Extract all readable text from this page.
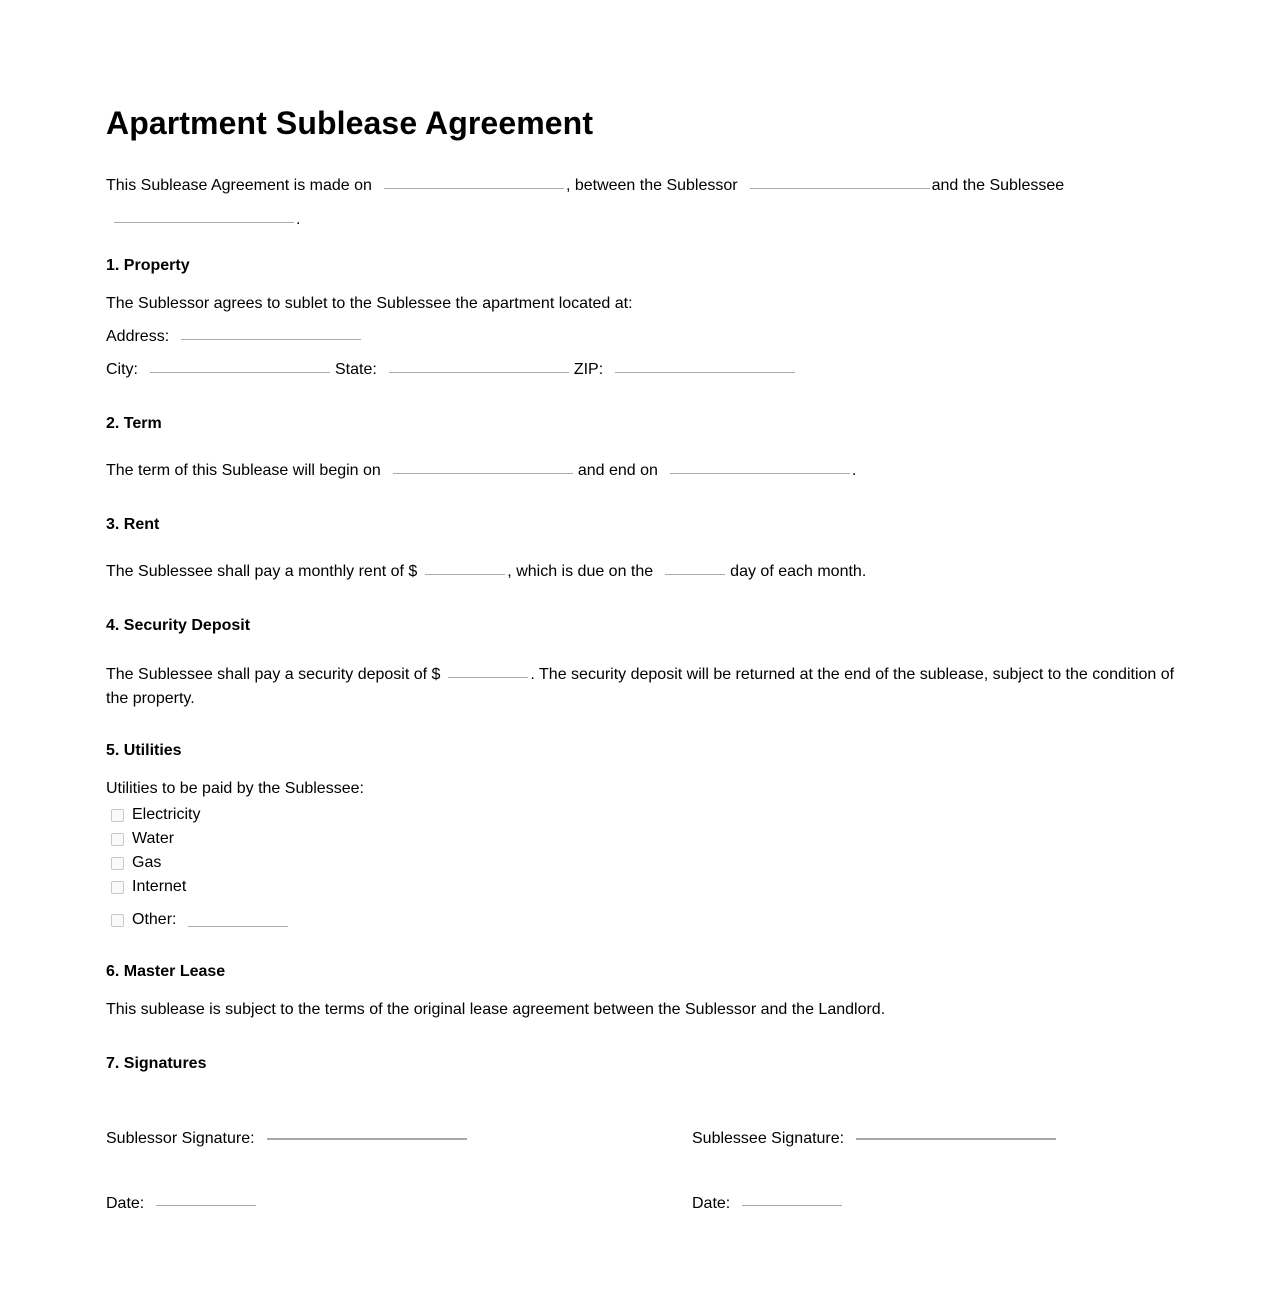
Apartment Sublease Agreement
This Sublease Agreement is made on	, between the Sublessor	and the Sublessee
.
1. Property

The Sublessor agrees to sublet to the Sublessee the apartment located at:

Address:
City:	State:	ZIP:
2. Term

The term of this Sublease will begin on	and end on	.

3. Rent

The Sublessee shall pay a monthly rent of $	, which is due on the	day of each month.

4. Security Deposit

The Sublessee shall pay a security deposit of $	. The security deposit will be returned at the end of the sublease, subject to the condition of the property.

5. Utilities

Utilities to be paid by the Sublessee:

Electricity
Water
Gas
Internet
Other:
6. Master Lease

This sublease is subject to the terms of the original lease agreement between the Sublessor and the Landlord.

7. Signatures
Sublessor Signature:
Date:
Sublessee Signature:
Date:
